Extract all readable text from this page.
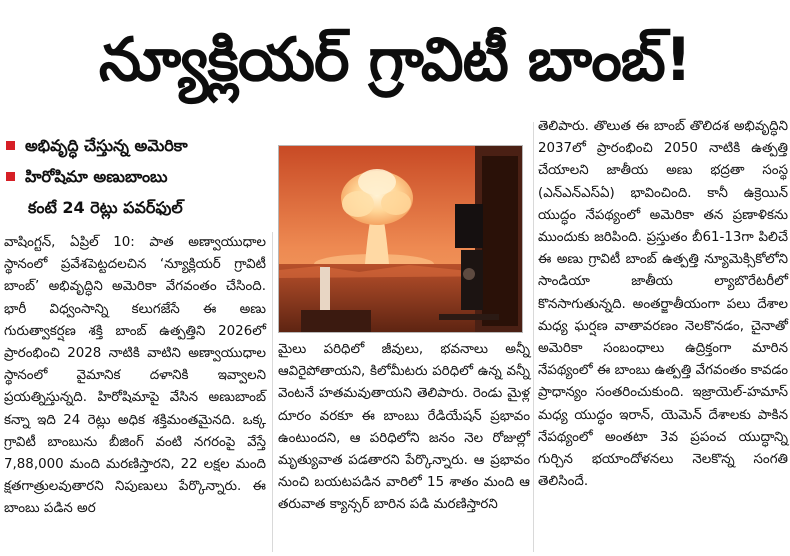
న్యూక్లియర్ గ్రావిటీ బాంబ్!
అభివృద్ధి చేస్తున్న అమెరికా
హిరోషిమా అణుబాంబు
కంటే 24 రెట్లు పవర్‌ఫుల్

వాషింగ్టన్‌, ఏప్రిల్‌ 10: పాత అణ్వాయుధాల స్థానంలో ప్రవేశపెట్టదలచిన ‘న్యూక్లియర్‌ గ్రావిటీ బాంబ్‌’ అభివృద్ధిని అమెరికా వేగవంతం చేసింది. భారీ విధ్వంసాన్ని కలుగజేసే ఈ అణు గురుత్వాకర్షణ శక్తి బాంబ్‌ ఉత్పత్తిని 2026లో ప్రారంభించి 2028 నాటికి వాటిని అణ్వాయుధాల స్థానంలో వైమానిక దళానికి ఇవ్వాలని ప్రయత్నిస్తున్నది. హిరోషిమాపై వేసిన అణుబాంబ్‌ కన్నా ఇది 24 రెట్లు అధిక శక్తిమంతమైనది. ఒక్క గ్రావిటీ బాంబును బీజింగ్‌ వంటి నగరంపై వేస్తే 7,88,000 మంది మరణిస్తారని, 22 లక్షల మంది క్షతగాత్రులవుతారని నిపుణులు పేర్కొన్నారు. ఈ బాంబు పడిన అర

మైలు పరిధిలో జీవులు, భవనాలు అన్నీ ఆవిరైపోతాయని, కిలోమీటరు పరిధిలో ఉన్న వన్నీ వెంటనే హతమవుతాయని తెలిపారు. రెండు మైళ్ల దూరం వరకూ ఈ బాంబు రేడియేషన్‌ ప్రభావం ఉంటుందని, ఆ పరిధిలోని జనం నెల రోజుల్లో మృత్యువాత పడతారని పేర్కొన్నారు. ఆ ప్రభావం నుంచి బయటపడిన వారిలో 15 శాతం మంది ఆ తరువాత క్యాన్సర్‌ బారిన పడి మరణిస్తారని

తెలిపారు. తొలుత ఈ బాంబ్‌ తొలిదశ అభివృద్ధిని 2037లో ప్రారంభించి 2050 నాటికి ఉత్పత్తి చేయాలని జాతీయ అణు భద్రతా సంస్థ (ఎన్‌ఎన్‌ఎస్‌ఏ) భావించింది. కానీ ఉక్రెయిన్‌ యుద్ధం నేపథ్యంలో అమెరికా తన ప్రణాళికను ముందుకు జరిపింది. ప్రస్తుతం బీ61-13గా పిలిచే ఈ అణు గ్రావిటీ బాంబ్‌ ఉత్పత్తి న్యూమెక్సికోలోని సాండియా జాతీయ ల్యాబొరేటరీలో కొనసాగుతున్నది. అంతర్జాతీయంగా పలు దేశాల మధ్య ఘర్షణ వాతావరణం నెలకొనడం, చైనాతో అమెరికా సంబంధాలు ఉద్రిక్తంగా మారిన నేపథ్యంలో ఈ బాంబు ఉత్పత్తి వేగవంతం కావడం ప్రాధాన్యం సంతరించుకుంది. ఇజ్రాయెల్‌-హమాస్‌ మధ్య యుద్ధం ఇరాన్‌, యెమెన్‌ దేశాలకు పాకిన నేపథ్యంలో అంతటా 3వ ప్రపంచ యుద్ధాన్ని గుర్చిన భయాందోళనలు నెలకొన్న సంగతి తెలిసిందే.
